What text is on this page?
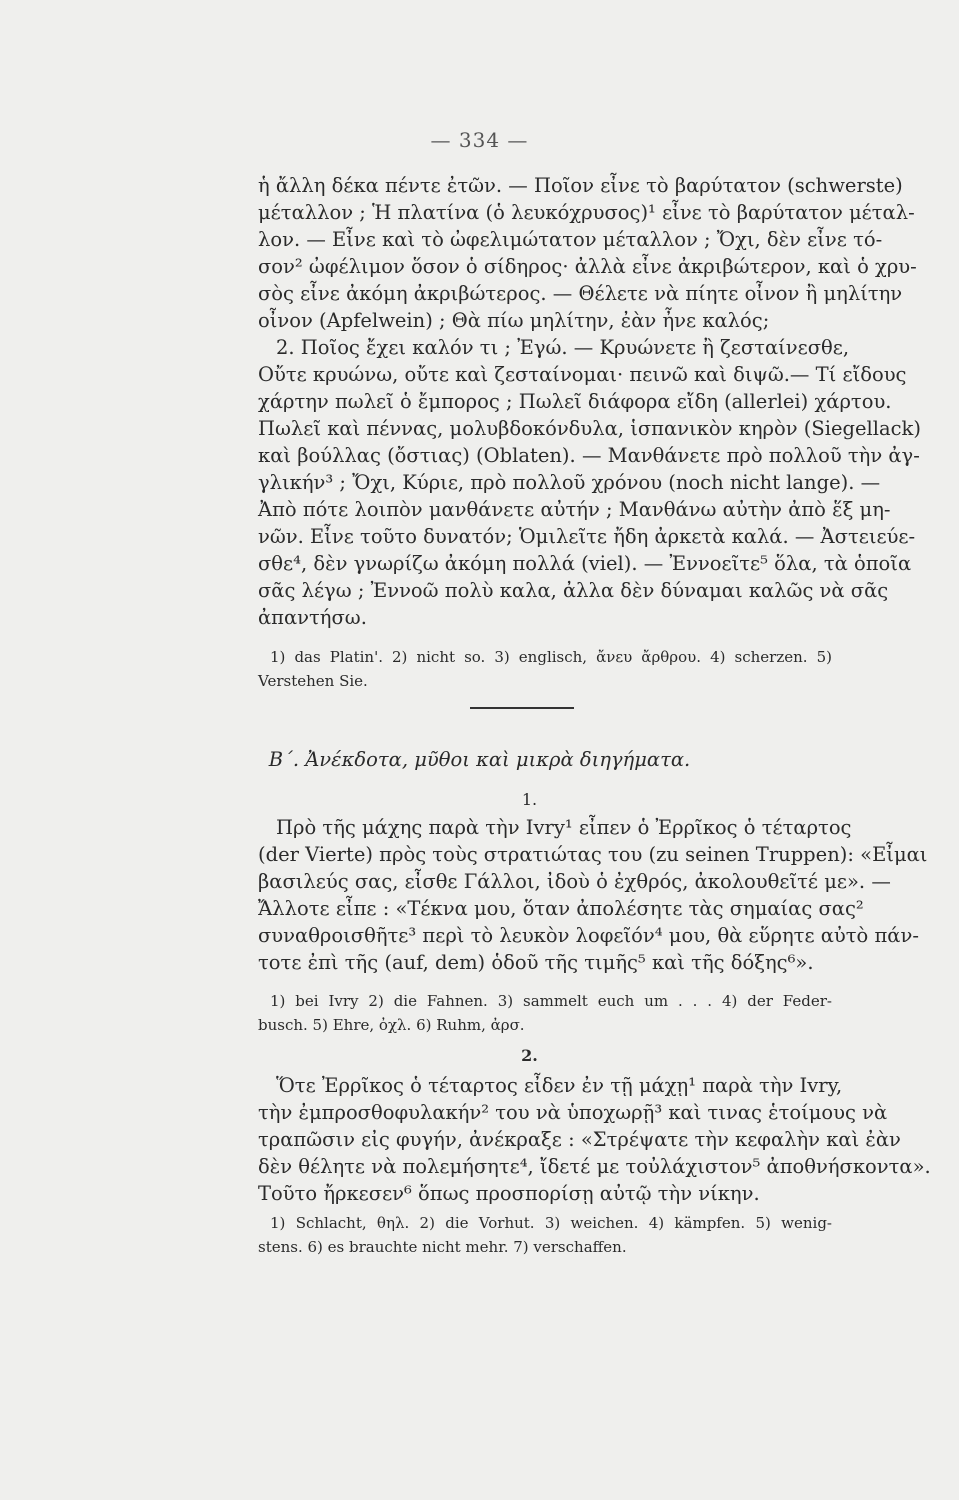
— 334 —
ἡ ἄλλη δέκα πέντε ἐτῶν. — Ποῖον εἶνε τὸ βαρύτατον (schwerste)
μέταλλον ; Ἡ πλατίνα (ὁ λευκόχρυσος)¹ εἶνε τὸ βαρύτατον μέταλ-
λον. — Εἶνε καὶ τὸ ὠφελιμώτατον μέταλλον ; Ὄχι, δὲν εἶνε τό-
σον² ὠφέλιμον ὅσον ὁ σίδηρος· ἀλλὰ εἶνε ἀκριβώτερον, καὶ ὁ χρυ-
σὸς εἶνε ἀκόμη ἀκριβώτερος. — Θέλετε νὰ πίητε οἶνον ἢ μηλίτην
οἶνον (Apfelwein) ; Θὰ πίω μηλίτην, ἐὰν ἦνε καλός;
2. Ποῖος ἔχει καλόν τι ; Ἐγώ. — Κρυώνετε ἢ ζεσταίνεσθε,
Οὔτε κρυώνω, οὔτε καὶ ζεσταίνομαι· πεινῶ καὶ διψῶ.— Τί εἴδους
χάρτην πωλεῖ ὁ ἔμπορος ; Πωλεῖ διάφορα εἴδη (allerlei) χάρτου.
Πωλεῖ καὶ πέννας, μολυβδοκόνδυλα, ἱσπανικὸν κηρὸν (Siegellack)
καὶ βούλλας (ὄστιας) (Oblaten). — Μανθάνετε πρὸ πολλοῦ τὴν ἀγ-
γλικήν³ ; Ὄχι, Κύριε, πρὸ πολλοῦ χρόνου (noch nicht lange). —
Ἀπὸ πότε λοιπὸν μανθάνετε αὐτήν ; Μανθάνω αὐτὴν ἀπὸ ἕξ μη-
νῶν. Εἶνε τοῦτο δυνατόν; Ὁμιλεῖτε ἤδη ἀρκετὰ καλά. — Ἀστειεύε-
σθε⁴, δὲν γνωρίζω ἀκόμη πολλά (viel). — Ἐννοεῖτε⁵ ὅλα, τὰ ὁποῖα
σᾶς λέγω ; Ἐννοῶ πολὺ καλα, ἀλλα δὲν δύναμαι καλῶς νὰ σᾶς
ἀπαντήσω.
1) das Platin'. 2) nicht so. 3) englisch, ἄνευ ἄρθρου. 4) scherzen. 5)
Verstehen Sie.
Β΄. Ἀνέκδοτα, μῦθοι καὶ μικρὰ διηγήματα.
1.
Πρὸ τῆς μάχης παρὰ τὴν Ivry¹ εἶπεν ὁ Ἐρρῖκος ὁ τέταρτος
(der Vierte) πρὸς τοὺς στρατιώτας του (zu seinen Truppen): «Εἶμαι
βασιλεύς σας, εἶσθε Γάλλοι, ἰδοὺ ὁ ἐχθρός, ἀκολουθεῖτέ με». —
Ἄλλοτε εἶπε : «Τέκνα μου, ὅταν ἀπολέσητε τὰς σημαίας σας²
συναθροισθῆτε³ περὶ τὸ λευκὸν λοφεῖόν⁴ μου, θὰ εὕρητε αὐτὸ πάν-
τοτε ἐπὶ τῆς (auf, dem) ὁδοῦ τῆς τιμῆς⁵ καὶ τῆς δόξης⁶».
1) bei Ivry 2) die Fahnen. 3) sammelt euch um . . . 4) der Feder-
busch. 5) Ehre, ὀχλ. 6) Ruhm, ἀρσ.
2.
Ὅτε Ἐρρῖκος ὁ τέταρτος εἶδεν ἐν τῇ μάχῃ¹ παρὰ τὴν Ivry,
τὴν ἐμπροσθοφυλακήν² του νὰ ὑποχωρῇ³ καὶ τινας ἑτοίμους νὰ
τραπῶσιν εἰς φυγήν, ἀνέκραξε : «Στρέψατε τὴν κεφαλὴν καὶ ἐὰν
δὲν θέλητε νὰ πολεμήσητε⁴, ἴδετέ με τοὐλάχιστον⁵ ἀποθνήσκοντα».
Τοῦτο ἤρκεσεν⁶ ὅπως προσπορίσῃ αὐτῷ τὴν νίκην.
1) Schlacht, θηλ. 2) die Vorhut. 3) weichen. 4) kämpfen. 5) wenig-
stens. 6) es brauchte nicht mehr. 7) verschaffen.
